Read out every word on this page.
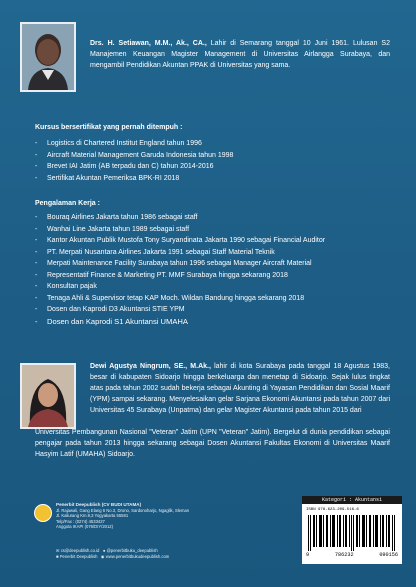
Drs. H. Setiawan, M.M., Ak., CA., Lahir di Semarang tanggal 10 Juni 1961. Lulusan S2 Manajemen Keuangan Magister Management di Universitas Airlangga Surabaya, dan mengambil Pendidikan Akuntan PPAK di Universitas yang sama.
Kursus bersertifikat yang pernah ditempuh :
- Logistics di Chartered Institut England tahun 1996
- Aircraft Material Management Garuda Indonesia tahun 1998
- Brevet IAI Jatim (AB terpadu dan C) tahun 2014-2016
- Sertifikat Akuntan Pemeriksa BPK-RI 2018
Pengalaman Kerja :
- Bouraq Airlines Jakarta tahun 1986 sebagai staff
- Wanhai Line Jakarta tahun 1989 sebagai staff
- Kantor Akuntan Publik Mustofa Tony Suryandinata Jakarta 1990 sebagai Financial Auditor
- PT. Merpati Nusantara Airlines Jakarta 1991 sebagai Staff Material Teknik
- Merpati Maintenance Facility Surabaya tahun 1996 sebagai Manager Aircraft Material
- Representatif Finance & Marketing PT. MMF Surabaya hingga sekarang 2018
- Konsultan pajak
- Tenaga Ahli & Supervisor tetap KAP Moch. Wildan Bandung hingga sekarang 2018
- Dosen dan Kaprodi D3 Akuntansi STIE YPM
- Dosen dan Kaprodi S1 Akuntansi UMAHA
Dewi Agustya Ningrum, SE., M.Ak., lahir di kota Surabaya pada tanggal 18 Agustus 1983, besar di kabupaten Sidoarjo hingga berkeluarga dan menetap di Sidoarjo. Sejak lulus tingkat atas pada tahun 2002 sudah bekerja sebagai Akunting di Yayasan Pendidikan dan Sosial Maarif (YPM) sampai sekarang. Menyelesaikan gelar Sarjana Ekonomi Akuntansi pada tahun 2007 dari Universitas 45 Surabaya (Unpatma) dan gelar Magister Akuntansi pada tahun 2015 dari
Universitas Pembangunan Nasional "Veteran" Jatim (UPN "Veteran" Jatim). Bergelut di dunia pendidikan sebagai pengajar pada tahun 2013 hingga sekarang sebagai Dosen Akuntansi Fakultas Ekonomi di Universitas Maarif Hasyim Latif (UMAHA) Sidoarjo.
Penerbit Deepublish (CV BUDI UTAMA)
Jl. Rajawali, Gang Elang 6 No.3, Drono, Sardonoharjo, Ngaglik, Sleman
Jl. Kaliurang Km.9,3 Yogyakarta 55581
Telp/Fax : (0274) 4533427
Anggota IKAPI (076/DIY/2012)
✉ cs@deepublish.co.id ● @penerbitbuku_deepublish
■ Penerbit Deepublish ◉ www.penerbitbukudeepublish.com
ISBN 978-623-209-516-6
9	786232	090156
Kategori : Akuntansi
